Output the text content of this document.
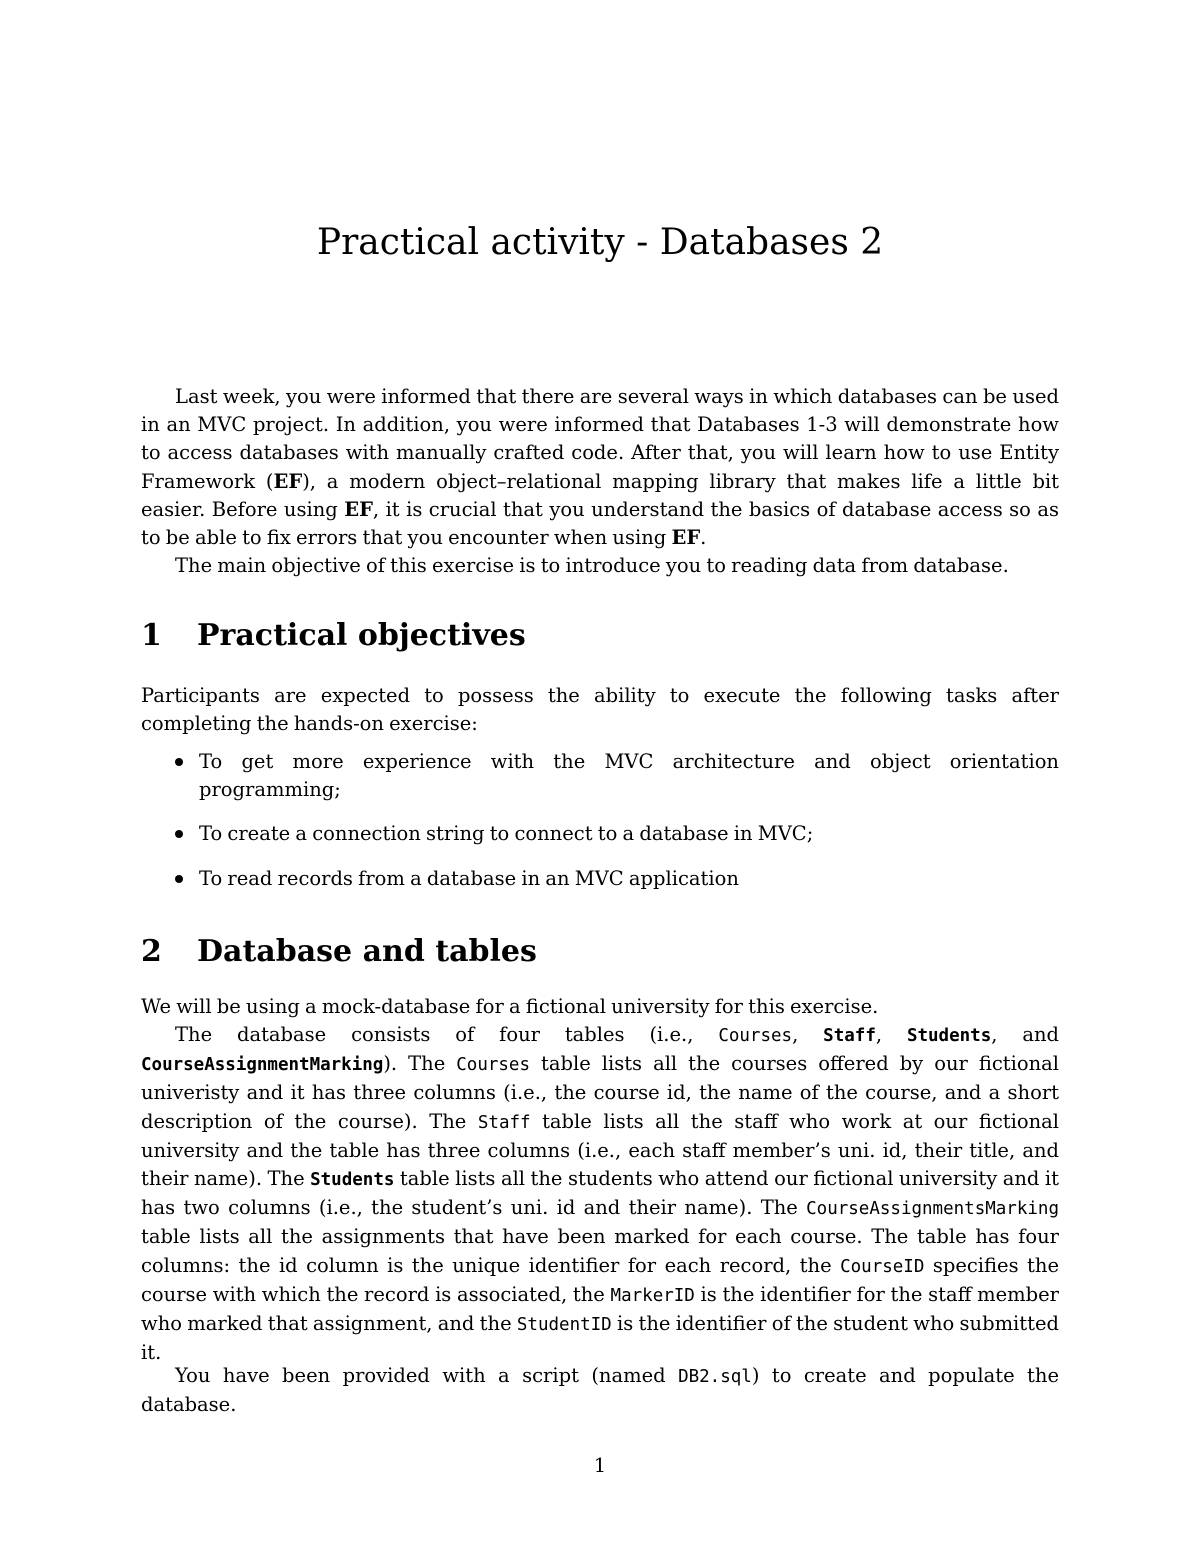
Practical activity - Databases 2

Last week, you were informed that there are several ways in which databases can be used in an MVC project. In addition, you were informed that Databases 1-3 will demonstrate how to access databases with manually crafted code. After that, you will learn how to use Entity Framework (EF), a modern object–relational mapping library that makes life a little bit easier. Before using EF, it is crucial that you understand the basics of database access so as to be able to fix errors that you encounter when using EF.

The main objective of this exercise is to introduce you to reading data from database.

1	Practical objectives

Participants are expected to possess the ability to execute the following tasks after completing the hands-on exercise:

To get more experience with the MVC architecture and object orientation programming;
To create a connection string to connect to a database in MVC;
To read records from a database in an MVC application
2	Database and tables

We will be using a mock-database for a fictional university for this exercise.

The database consists of four tables (i.e., Courses, Staff, Students, and CourseAssignmentMarking). The Courses table lists all the courses offered by our fictional univeristy and it has three columns (i.e., the course id, the name of the course, and a short description of the course). The Staff table lists all the staff who work at our fictional university and the table has three columns (i.e., each staff member’s uni. id, their title, and their name). The Students table lists all the students who attend our fictional university and it has two columns (i.e., the student’s uni. id and their name). The CourseAssignmentsMarking table lists all the assignments that have been marked for each course. The table has four columns: the id column is the unique identifier for each record, the CourseID specifies the course with which the record is associated, the MarkerID is the identifier for the staff member who marked that assignment, and the StudentID is the identifier of the student who submitted it.

You have been provided with a script (named DB2.sql) to create and populate the database.

1
